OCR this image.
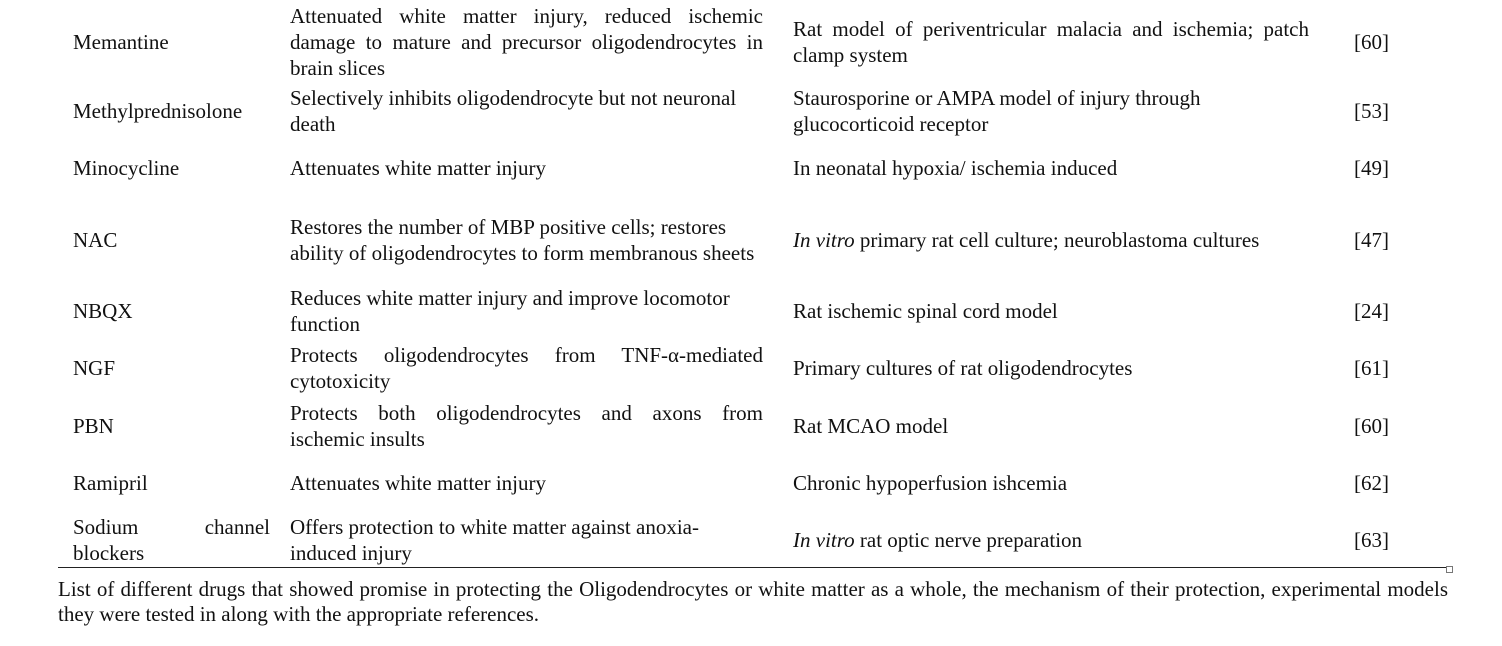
Memantine	Attenuated white matter injury, reduced ischemic damage to mature and precursor oligodendrocytes in brain slices	Rat model of periventricular malacia and ischemia; patch clamp system	[60]
Methylprednisolone	Selectively inhibits oligodendrocyte but not neuronal death	Staurosporine or AMPA model of injury through glucocorticoid receptor	[53]
Minocycline	Attenuates white matter injury	In neonatal hypoxia/ ischemia induced	[49]
NAC	Restores the number of MBP positive cells; restores ability of oligodendrocytes to form membranous sheets	In vitro primary rat cell culture; neuroblastoma cultures	[47]
NBQX	Reduces white matter injury and improve locomotor function	Rat ischemic spinal cord model	[24]
NGF	Protects oligodendrocytes from TNF-α-mediated cytotoxicity	Primary cultures of rat oligodendrocytes	[61]
PBN	Protects both oligodendrocytes and axons from ischemic insults	Rat MCAO model	[60]
Ramipril	Attenuates white matter injury	Chronic hypoperfusion ishcemia	[62]
Sodium channel blockers	Offers protection to white matter against anoxia-induced injury	In vitro rat optic nerve preparation	[63]
List of different drugs that showed promise in protecting the Oligodendrocytes or white matter as a whole, the mechanism of their protection, experimental models they were tested in along with the appropriate references.
